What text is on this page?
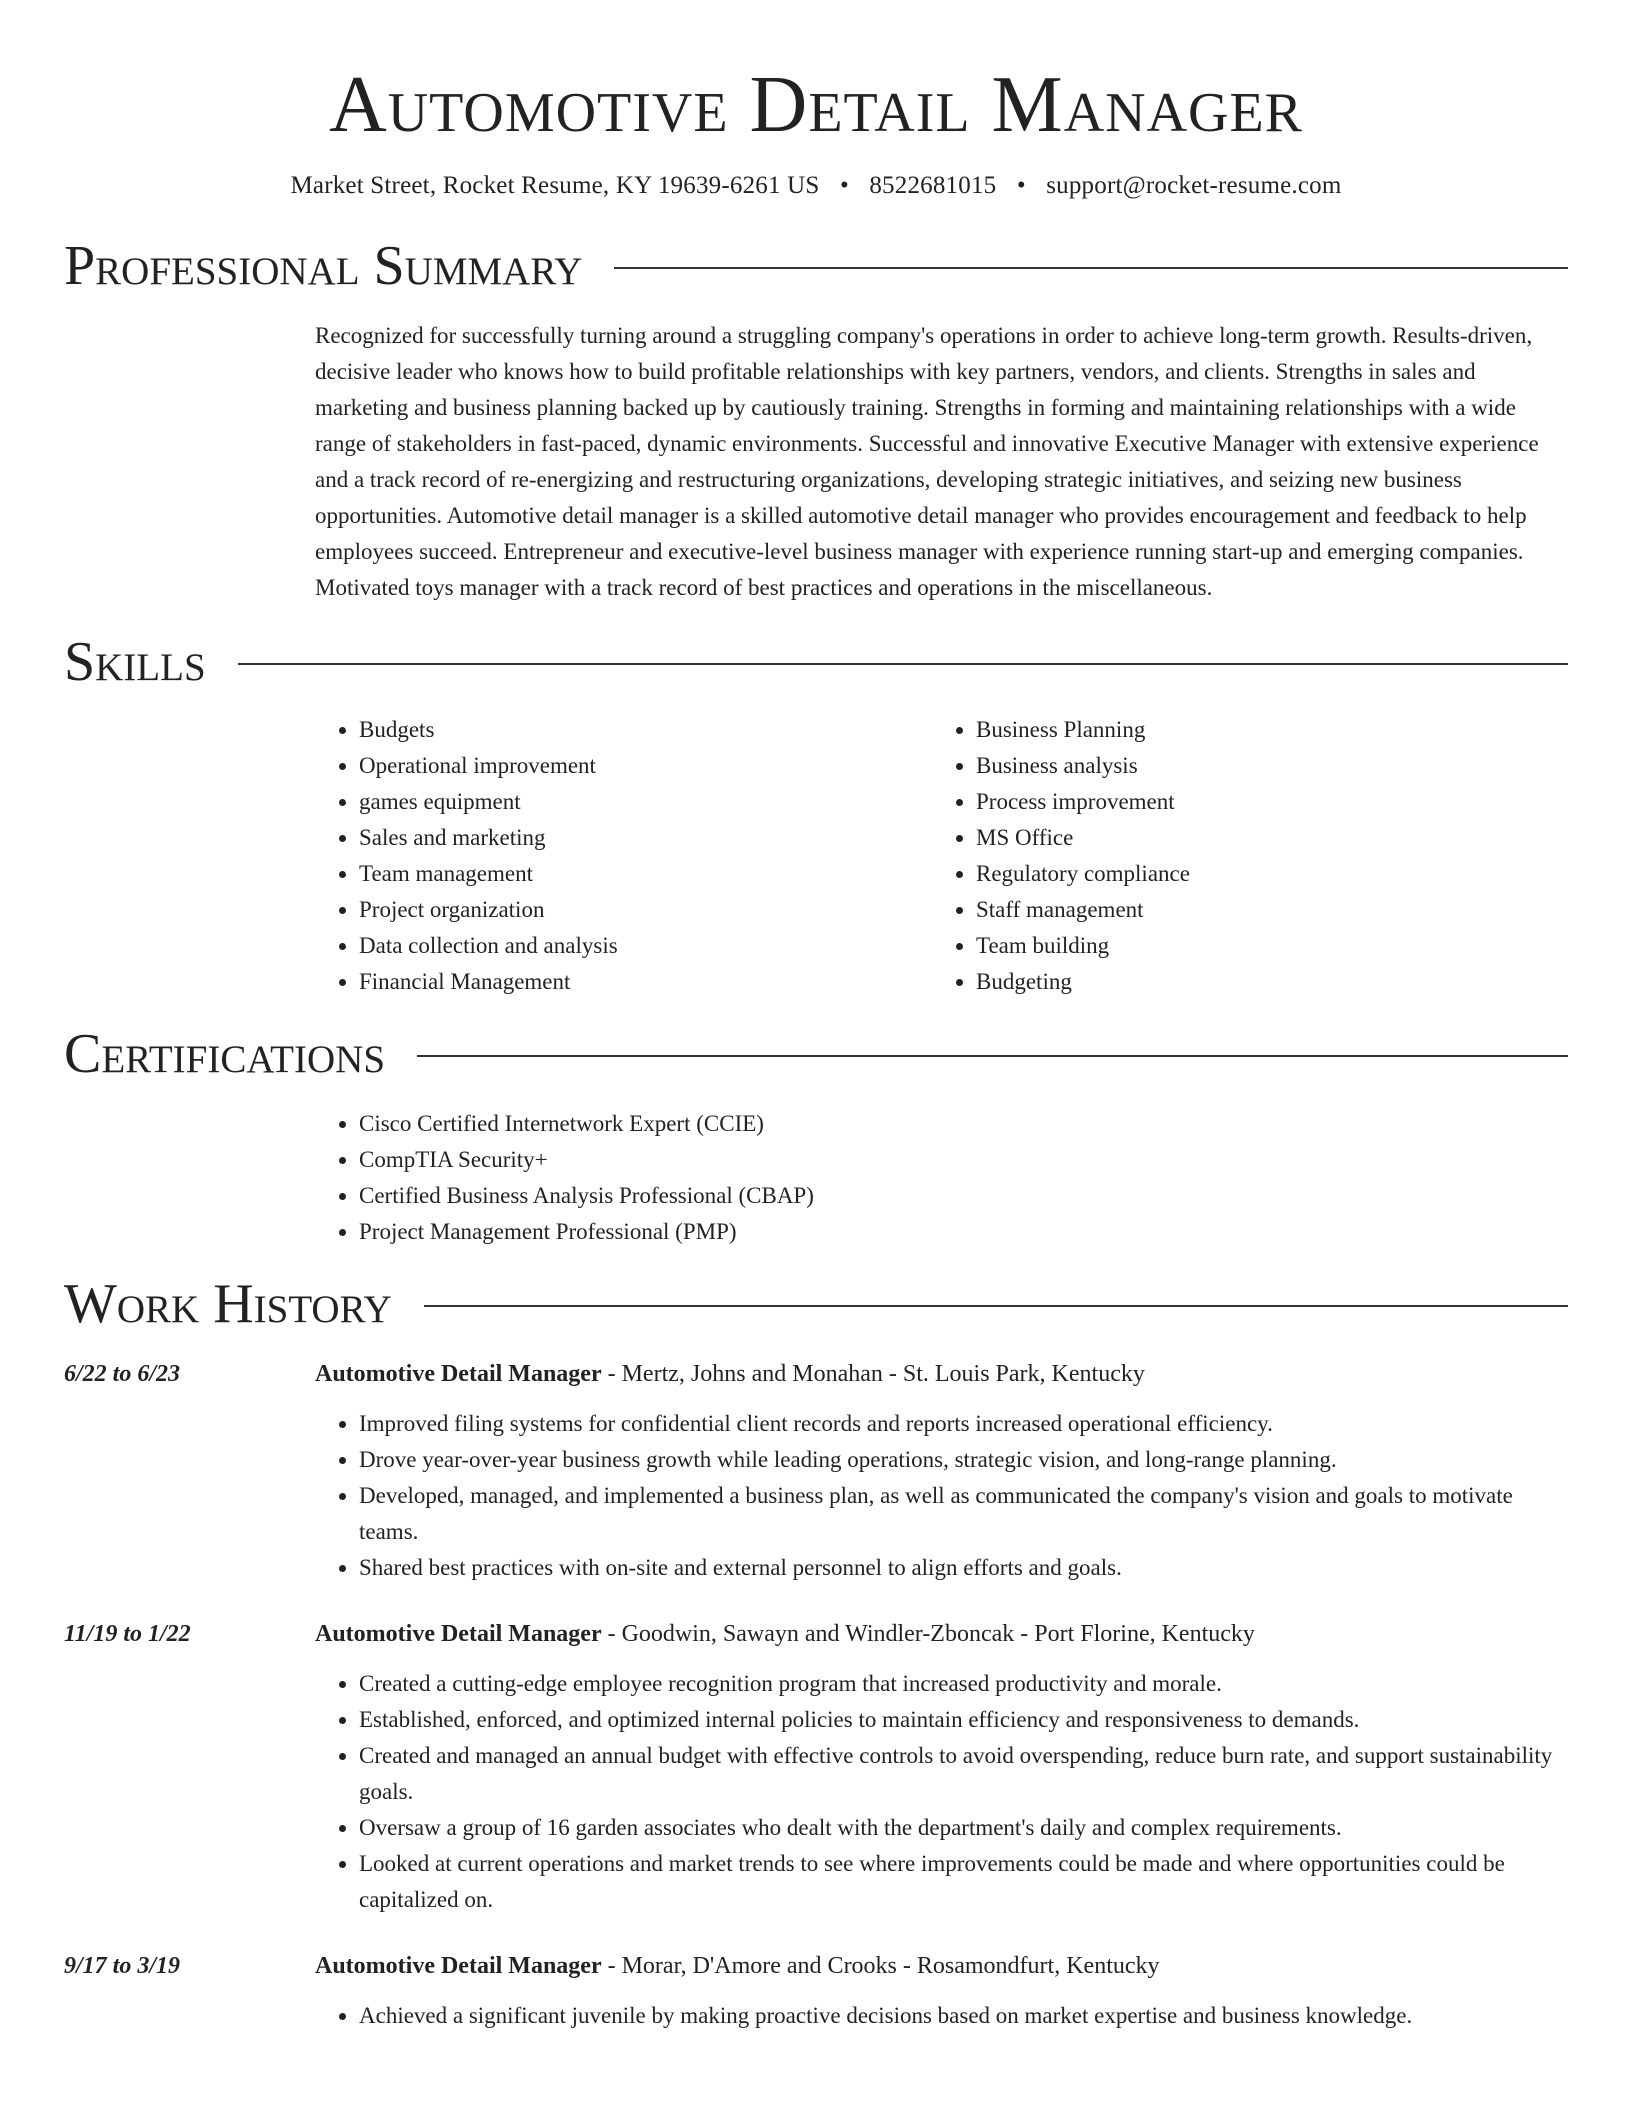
Automotive Detail Manager
Market Street, Rocket Resume, KY 19639-6261 US • 8522681015 • support@rocket-resume.com
Professional Summary

Recognized for successfully turning around a struggling company's operations in order to achieve long-term growth. Results-driven, decisive leader who knows how to build profitable relationships with key partners, vendors, and clients. Strengths in sales and marketing and business planning backed up by cautiously training. Strengths in forming and maintaining relationships with a wide range of stakeholders in fast-paced, dynamic environments. Successful and innovative Executive Manager with extensive experience and a track record of re-energizing and restructuring organizations, developing strategic initiatives, and seizing new business opportunities. Automotive detail manager is a skilled automotive detail manager who provides encouragement and feedback to help employees succeed. Entrepreneur and executive-level business manager with experience running start-up and emerging companies. Motivated toys manager with a track record of best practices and operations in the miscellaneous.

Skills
• Budgets
• Operational improvement
• games equipment
• Sales and marketing
• Team management
• Project organization
• Data collection and analysis
• Financial Management
• Business Planning
• Business analysis
• Process improvement
• MS Office
• Regulatory compliance
• Staff management
• Team building
• Budgeting
Certifications
• Cisco Certified Internetwork Expert (CCIE)
• CompTIA Security+
• Certified Business Analysis Professional (CBAP)
• Project Management Professional (PMP)
Work History
6/22 to 6/23	Automotive Detail Manager - Mertz, Johns and Monahan - St. Louis Park, Kentucky
• Improved filing systems for confidential client records and reports increased operational efficiency.
• Drove year-over-year business growth while leading operations, strategic vision, and long-range planning.
• Developed, managed, and implemented a business plan, as well as communicated the company's vision and goals to motivate teams.
• Shared best practices with on-site and external personnel to align efforts and goals.
11/19 to 1/22	Automotive Detail Manager - Goodwin, Sawayn and Windler-Zboncak - Port Florine, Kentucky
• Created a cutting-edge employee recognition program that increased productivity and morale.
• Established, enforced, and optimized internal policies to maintain efficiency and responsiveness to demands.
• Created and managed an annual budget with effective controls to avoid overspending, reduce burn rate, and support sustainability goals.
• Oversaw a group of 16 garden associates who dealt with the department's daily and complex requirements.
• Looked at current operations and market trends to see where improvements could be made and where opportunities could be capitalized on.
9/17 to 3/19	Automotive Detail Manager - Morar, D'Amore and Crooks - Rosamondfurt, Kentucky
• Achieved a significant juvenile by making proactive decisions based on market expertise and business knowledge.
